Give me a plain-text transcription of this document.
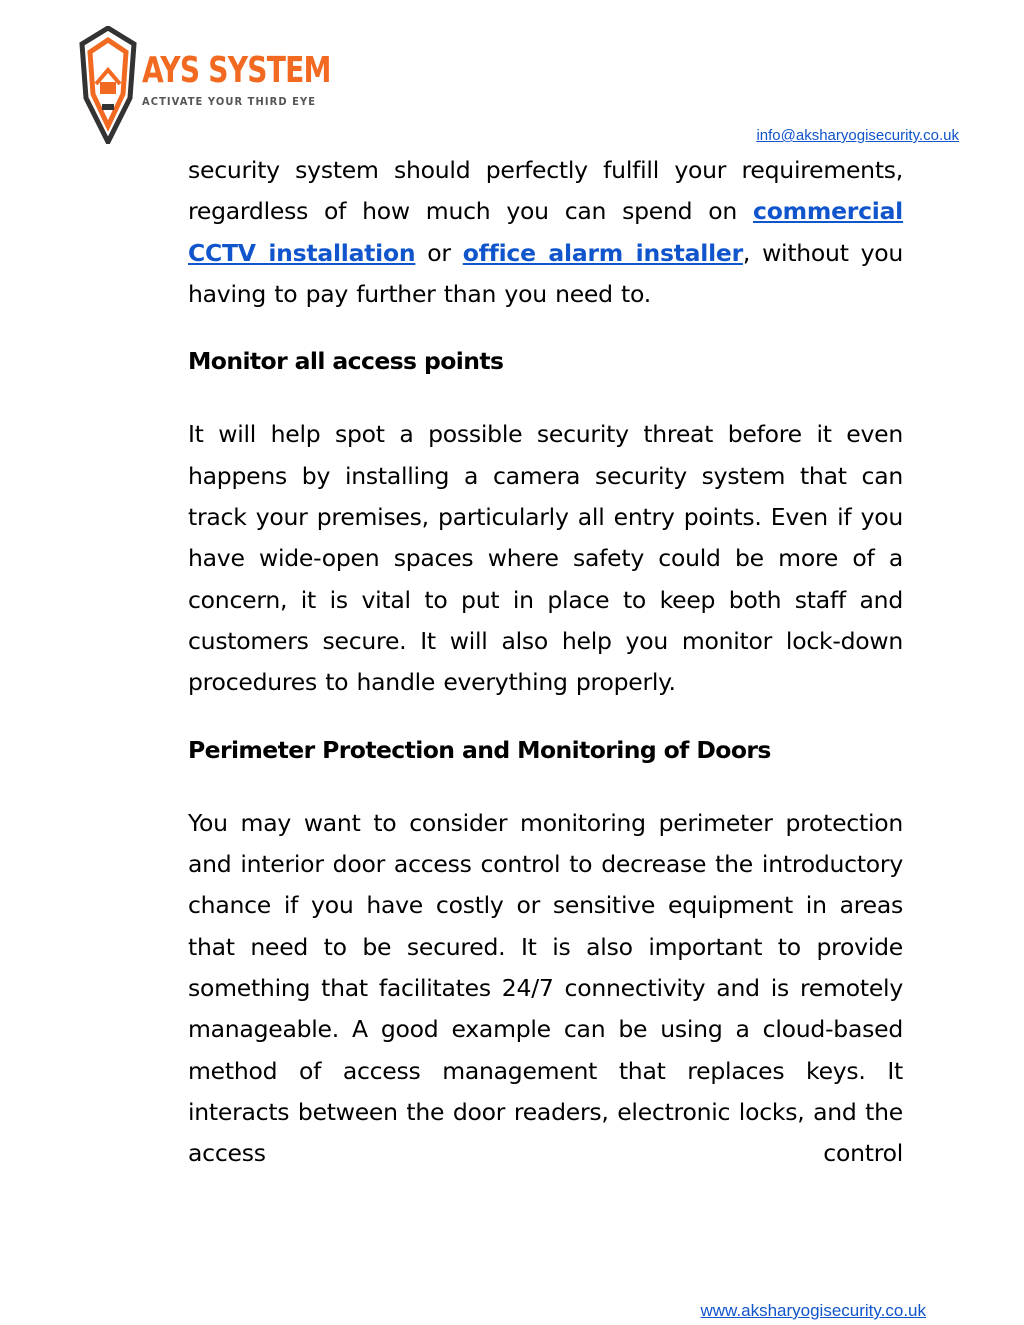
AYS SYSTEM
ACTIVATE YOUR THIRD EYE
info@aksharyogisecurity.co.uk

security system should perfectly fulfill your requirements, regardless of how much you can spend on commercial CCTV installation or office alarm installer, without you having to pay further than you need to.

Monitor all access points

It will help spot a possible security threat before it even happens by installing a camera security system that can track your premises, particularly all entry points. Even if you have wide-open spaces where safety could be more of a concern, it is vital to put in place to keep both staff and customers secure. It will also help you monitor lock-down procedures to handle everything properly.

Perimeter Protection and Monitoring of Doors

You may want to consider monitoring perimeter protection and interior door access control to decrease the introductory chance if you have costly or sensitive equipment in areas that need to be secured. It is also important to provide something that facilitates 24/7 connectivity and is remotely manageable. A good example can be using a cloud-based method of access management that replaces keys. It interacts between the door readers, electronic locks, and the access control

www.aksharyogisecurity.co.uk
